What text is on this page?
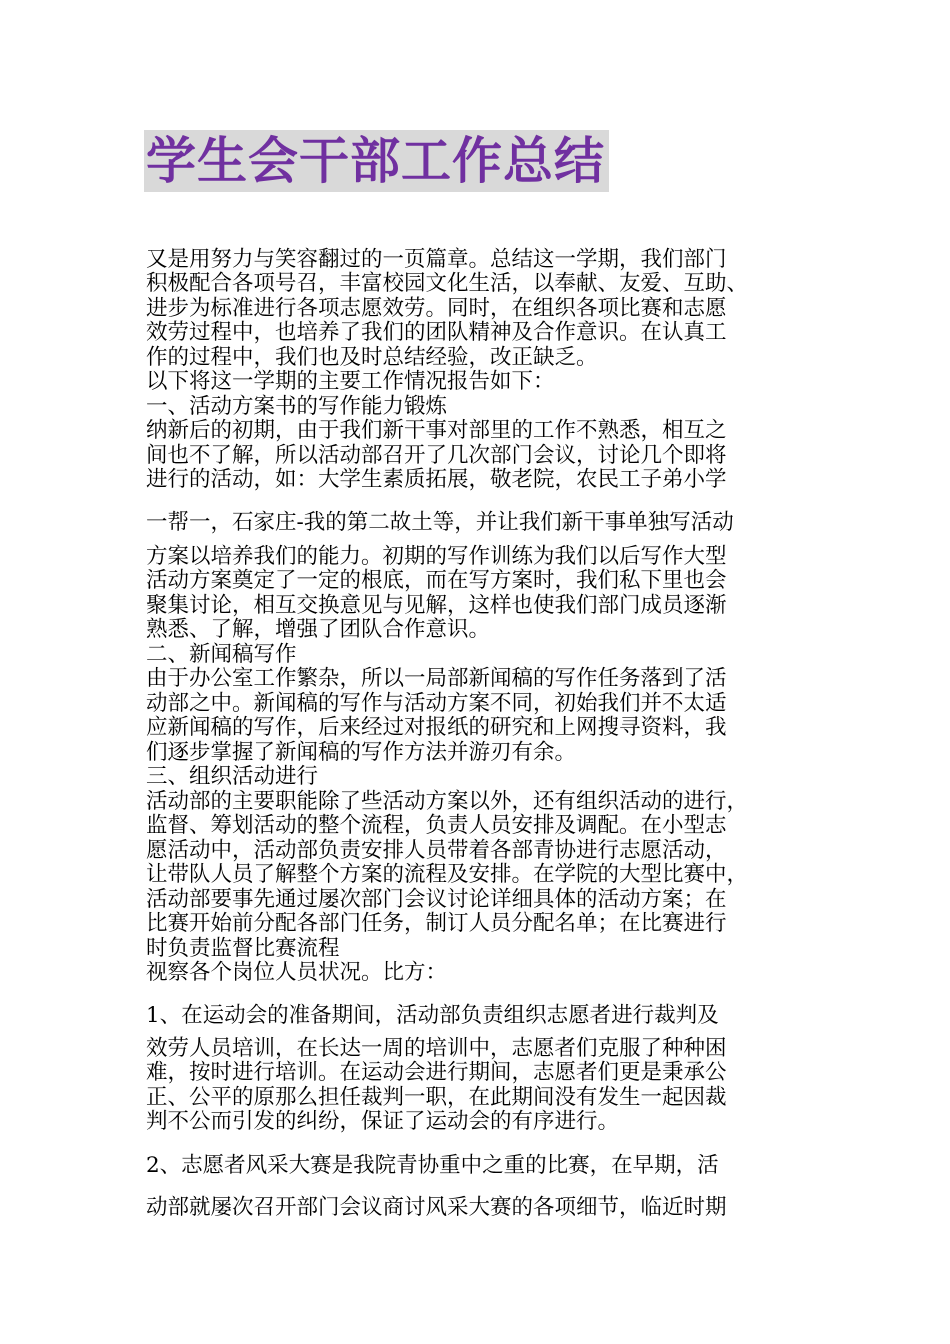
学生会干部工作总结
又是用努力与笑容翻过的一页篇章。总结这一学期，我们部门
积极配合各项号召，丰富校园文化生活，以奉献、友爱、互助、
进步为标准进行各项志愿效劳。同时，在组织各项比赛和志愿
效劳过程中，也培养了我们的团队精神及合作意识。在认真工
作的过程中，我们也及时总结经验，改正缺乏。
以下将这一学期的主要工作情况报告如下：
一、活动方案书的写作能力锻炼
纳新后的初期，由于我们新干事对部里的工作不熟悉，相互之
间也不了解，所以活动部召开了几次部门会议，讨论几个即将
进行的活动，如：大学生素质拓展，敬老院，农民工子弟小学
一帮一，石家庄-我的第二故土等，并让我们新干事单独写活动
方案以培养我们的能力。初期的写作训练为我们以后写作大型
活动方案奠定了一定的根底，而在写方案时，我们私下里也会
聚集讨论，相互交换意见与见解，这样也使我们部门成员逐渐
熟悉、了解，增强了团队合作意识。
二、新闻稿写作
由于办公室工作繁杂，所以一局部新闻稿的写作任务落到了活
动部之中。新闻稿的写作与活动方案不同，初始我们并不太适
应新闻稿的写作，后来经过对报纸的研究和上网搜寻资料，我
们逐步掌握了新闻稿的写作方法并游刃有余。
三、组织活动进行
活动部的主要职能除了些活动方案以外，还有组织活动的进行，
监督、筹划活动的整个流程，负责人员安排及调配。在小型志
愿活动中，活动部负责安排人员带着各部青协进行志愿活动，
让带队人员了解整个方案的流程及安排。在学院的大型比赛中，
活动部要事先通过屡次部门会议讨论详细具体的活动方案；在
比赛开始前分配各部门任务，制订人员分配名单；在比赛进行
时负责监督比赛流程
视察各个岗位人员状况。比方：
1、在运动会的准备期间，活动部负责组织志愿者进行裁判及
效劳人员培训，在长达一周的培训中，志愿者们克服了种种困
难，按时进行培训。在运动会进行期间，志愿者们更是秉承公
正、公平的原那么担任裁判一职，在此期间没有发生一起因裁
判不公而引发的纠纷，保证了运动会的有序进行。
2、志愿者风采大赛是我院青协重中之重的比赛，在早期，活
动部就屡次召开部门会议商讨风采大赛的各项细节，临近时期
